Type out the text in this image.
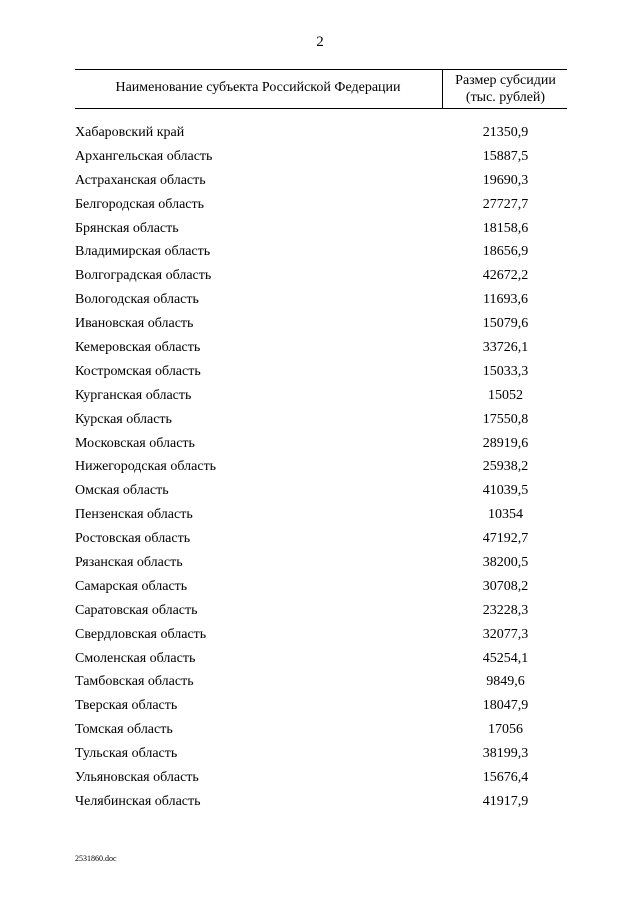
2
Наименование субъекта Российской Федерации	Размер субсидии
(тыс. рублей)
Хабаровский край	21350,9
Архангельская область	15887,5
Астраханская область	19690,3
Белгородская область	27727,7
Брянская область	18158,6
Владимирская область	18656,9
Волгоградская область	42672,2
Вологодская область	11693,6
Ивановская область	15079,6
Кемеровская область	33726,1
Костромская область	15033,3
Курганская область	15052
Курская область	17550,8
Московская область	28919,6
Нижегородская область	25938,2
Омская область	41039,5
Пензенская область	10354
Ростовская область	47192,7
Рязанская область	38200,5
Самарская область	30708,2
Саратовская область	23228,3
Свердловская область	32077,3
Смоленская область	45254,1
Тамбовская область	9849,6
Тверская область	18047,9
Томская область	17056
Тульская область	38199,3
Ульяновская область	15676,4
Челябинская область	41917,9
2531860.doc
